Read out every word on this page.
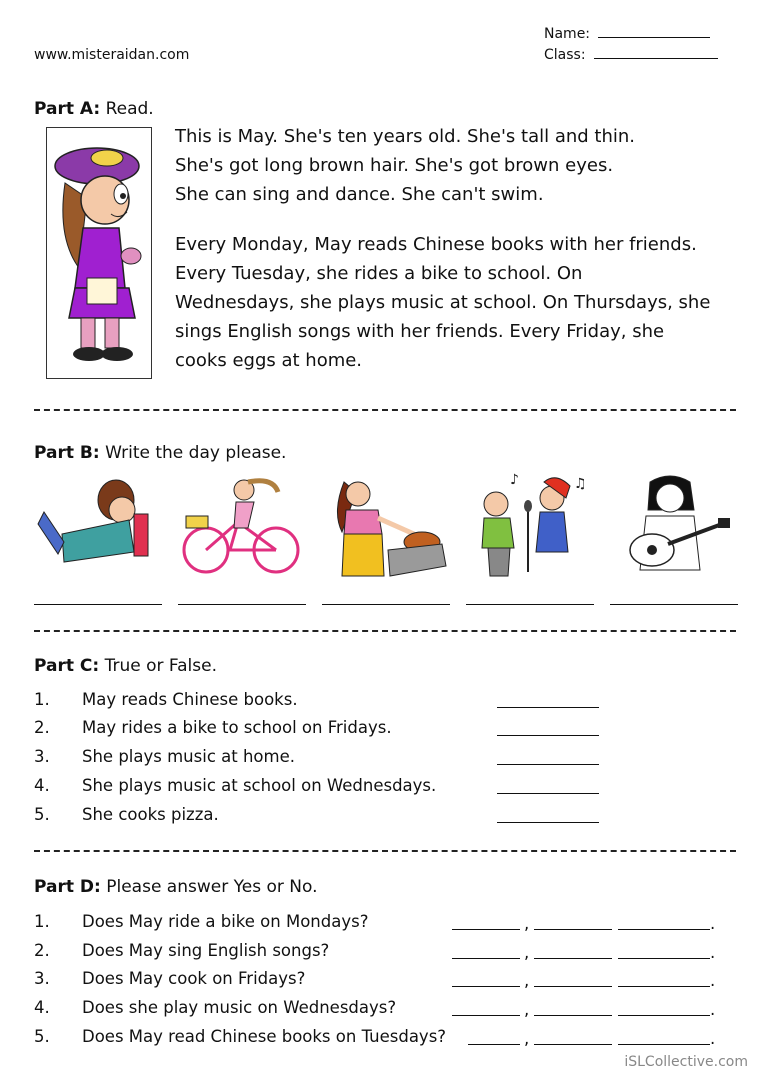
www.misteraidan.com
Name:
Class:
Part A: Read.
This is May. She's ten years old. She's tall and thin.
She's got long brown hair. She's got brown eyes.
She can sing and dance. She can't swim.
Every Monday, May reads Chinese books with her friends.
Every Tuesday, she rides a bike to school. On
Wednesdays, she plays music at school. On Thursdays, she
sings English songs with her friends. Every Friday, she
cooks eggs at home.
Part B: Write the day please.
♪	♫
Part C: True or False.
1. May reads Chinese books.
2. May rides a bike to school on Fridays.
3. She plays music at home.
4. She plays music at school on Wednesdays.
5. She cooks pizza.
Part D: Please answer Yes or No.
1. Does May ride a bike on Mondays?	,	.
2. Does May sing English songs?	,	.
3. Does May cook on Fridays?	,	.
4. Does she play music on Wednesdays?	,	.
5. Does May read Chinese books on Tuesdays?	,	.
iSLCollective.com
